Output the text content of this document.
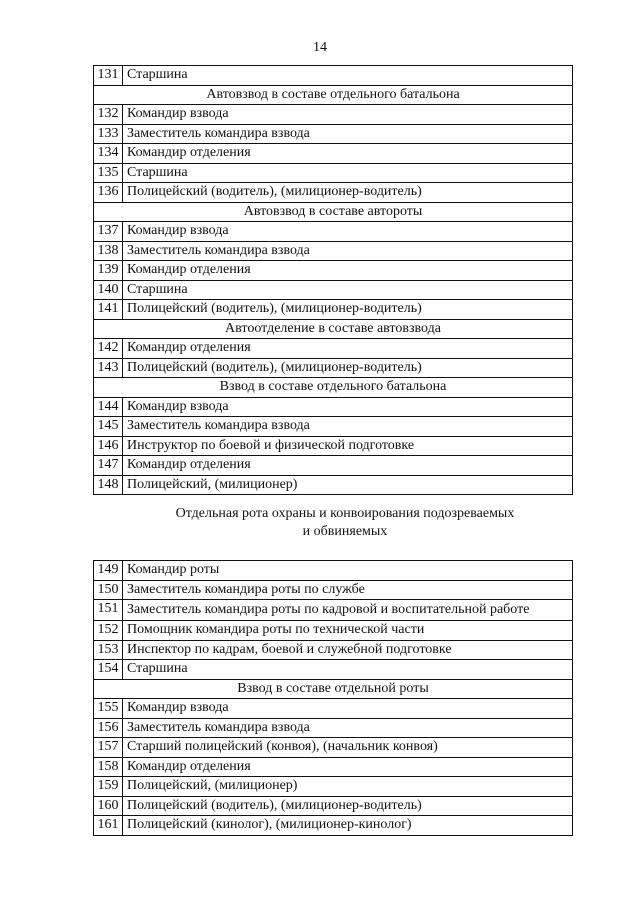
14
131	Старшина
Автовзвод в составе отдельного батальона	
132	Командир взвода
133	Заместитель командира взвода
134	Командир отделения
135	Старшина
136	Полицейский (водитель), (милиционер-водитель)
Автовзвод в составе автороты	
137	Командир взвода
138	Заместитель командира взвода
139	Командир отделения
140	Старшина
141	Полицейский (водитель), (милиционер-водитель)
Автоотделение в составе автовзвода	
142	Командир отделения
143	Полицейский (водитель), (милиционер-водитель)
Взвод в составе отдельного батальона	
144	Командир взвода
145	Заместитель командира взвода
146	Инструктор по боевой и физической подготовке
147	Командир отделения
148	Полицейский, (милиционер)
Отдельная рота охраны и конвоирования подозреваемых
и обвиняемых
149	Командир роты
150	Заместитель командира роты по службе
151	Заместитель командира роты по кадровой и воспитательной работе
152	Помощник командира роты по технической части
153	Инспектор по кадрам, боевой и служебной подготовке
154	Старшина
Взвод в составе отдельной роты	
155	Командир взвода
156	Заместитель командира взвода
157	Старший полицейский (конвоя), (начальник конвоя)
158	Командир отделения
159	Полицейский, (милиционер)
160	Полицейский (водитель), (милиционер-водитель)
161	Полицейский (кинолог), (милиционер-кинолог)
